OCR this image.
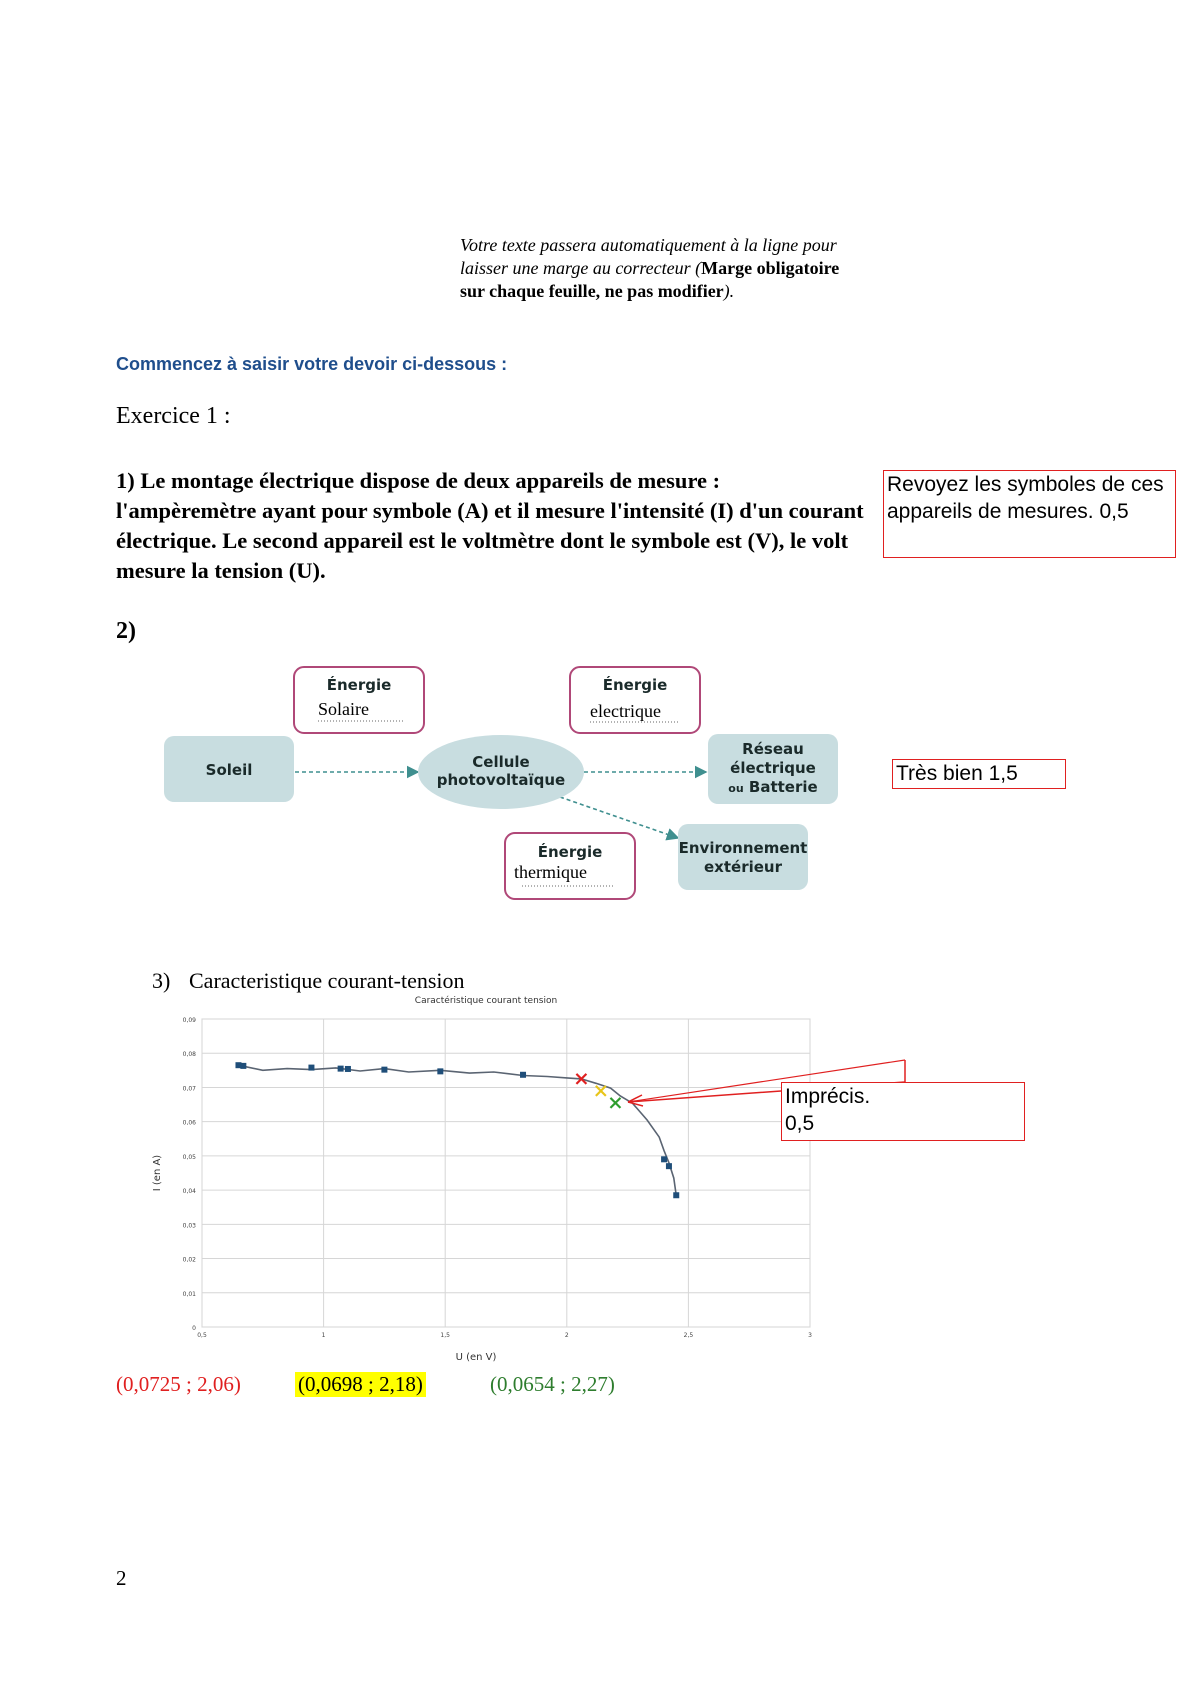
Votre texte passera automatiquement à la ligne pour laisser une marge au correcteur (Marge obligatoire sur chaque feuille, ne pas modifier).
Commencez à saisir votre devoir ci-dessous :
Exercice 1 :
1) Le montage électrique dispose de deux appareils de mesure : l'ampèremètre ayant pour symbole (A) et il mesure l'intensité (I) d'un courant électrique. Le second appareil est le voltmètre dont le symbole est (V), le volt mesure la tension (U).
Revoyez les symboles de ces appareils de mesures. 0,5
2)
Soleil	Cellule
photovoltaïque
Réseau
électrique
ou Batterie
Environnement
extérieur
Énergie
Solaire
Énergie
electrique
Énergie
thermique
Très bien 1,5
3) Caracteristique courant-tension
Caractéristique courant tension
0
0,01
0,02
0,03
0,04
0,05
0,06
0,07
0,08
0,09
0,5	1	1,5	2	2,5	3
U (en V)
I (en A)
Imprécis.
0,5
(0,0725 ; 2,06)	(0,0698 ; 2,18)	(0,0654 ; 2,27)
2
